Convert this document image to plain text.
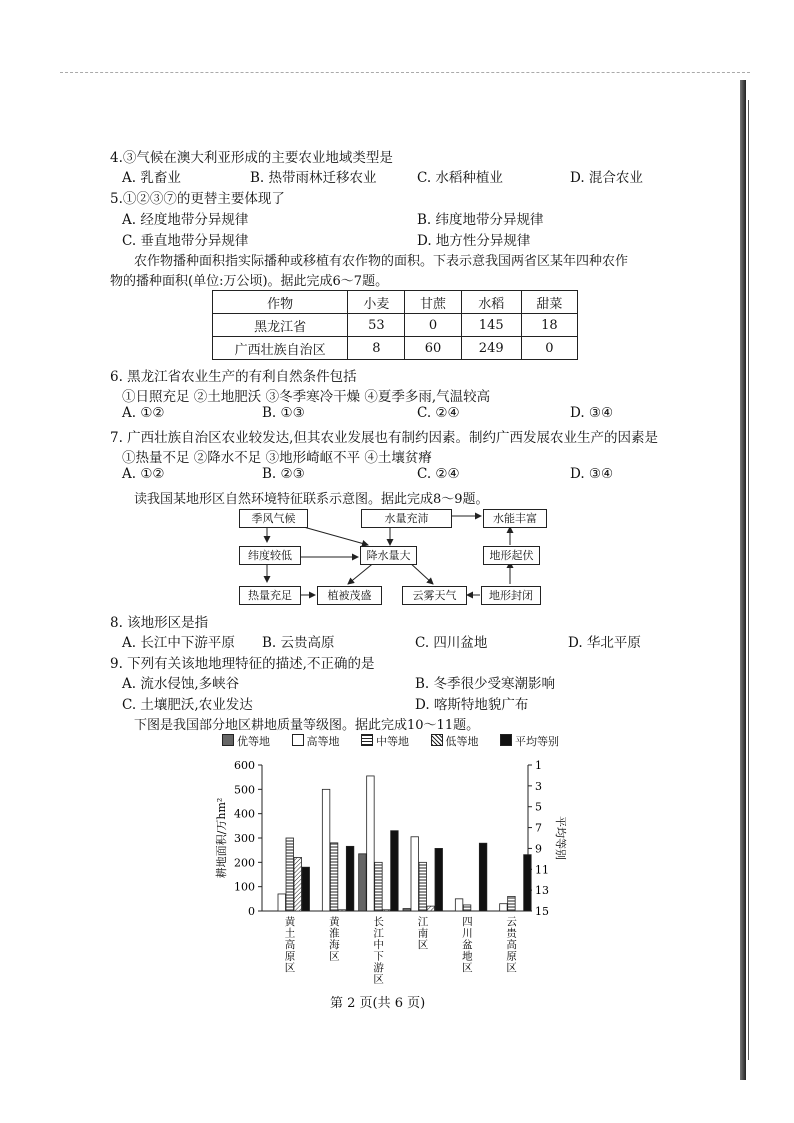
4.③气候在澳大利亚形成的主要农业地域类型是
A. 乳畜业	B. 热带雨林迁移农业	C. 水稻种植业	D. 混合农业
5.①②③⑦的更替主要体现了
A. 经度地带分异规律	B. 纬度地带分异规律
C. 垂直地带分异规律	D. 地方性分异规律
农作物播种面积指实际播种或移植有农作物的面积。下表示意我国两省区某年四种农作
物的播种面积(单位:万公顷)。据此完成6～7题。
作物	小麦	甘蔗	水稻	甜菜
黑龙江省	53	0	145	18
广西壮族自治区	8	60	249	0
6. 黑龙江省农业生产的有利自然条件包括
①日照充足 ②土地肥沃 ③冬季寒冷干燥 ④夏季多雨,气温较高
A. ①②	B. ①③	C. ②④	D. ③④
7. 广西壮族自治区农业较发达,但其农业发展也有制约因素。制约广西发展农业生产的因素是
①热量不足 ②降水不足 ③地形崎岖不平 ④土壤贫瘠
A. ①②	B. ②③	C. ②④	D. ③④
读我国某地形区自然环境特征联系示意图。据此完成8～9题。
季风气候	水量充沛	水能丰富
纬度较低	降水量大	地形起伏
热量充足	植被茂盛	云雾天气	地形封闭
8. 该地形区是指
A. 长江中下游平原 B. 云贵高原	C. 四川盆地	D. 华北平原
9. 下列有关该地地理特征的描述,不正确的是
A. 流水侵蚀,多峡谷	B. 冬季很少受寒潮影响
C. 土壤肥沃,农业发达	D. 喀斯特地貌广布
下图是我国部分地区耕地质量等级图。据此完成10～11题。
优等地	高等地	中等地	低等地	平均等别
0
100
200
300
400
500
600	1
3
5
7
9
11
13
15
耕地面积/万hm²	平均等别
黄
土
高
原
区
黄
淮
海
区
长
江
中
下
游
区
江
南
区
四
川
盆
地
区
云
贵
高
原
区
第 2 页(共 6 页)
